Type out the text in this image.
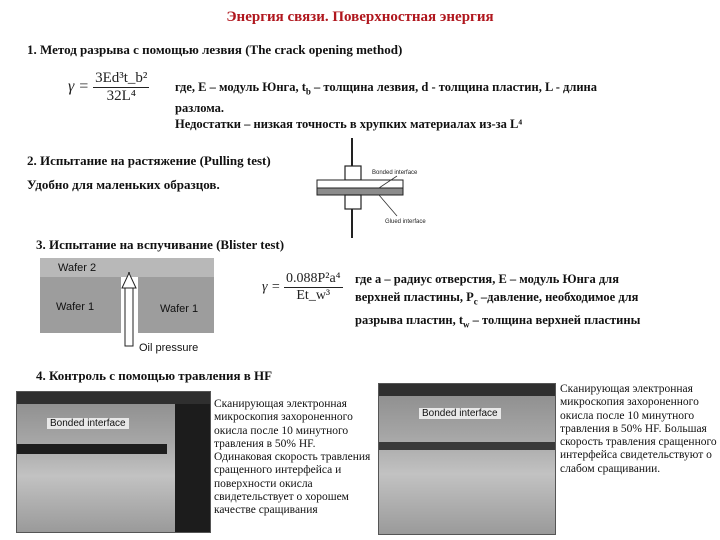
Энергия связи. Поверхностная энергия
1. Метод разрыва с помощью лезвия (The crack opening method)
$\gamma = \frac{\text{3Ed³t\_b²}}{\text{32L⁴}}$ где, E – модуль Юнга, $t_b$ – толщина лезвия, d - толщина пластин, L - длина
разлома.
Недостатки – низкая точность в хрупких материалах из-за L⁴
2. Испытание на растяжение (Pulling test)
Удобно для маленьких образцов.
Bonded interface
Glued interface
3. Испытание на вспучивание (Blister test)
Wafer 2
Wafer 1	Wafer 1
Oil pressure
$\gamma = \frac{\text{0.088P²a⁴}}{\text{Et\_w³}}$ где a – радиус отверстия, E – модуль Юнга для
верхней пластины, $P_c$ –давление, необходимое для
разрыва пластин, $t_w$ – толщина верхней пластины
4. Контроль с помощью травления в HF
Bonded interface
Сканирующая электронная микроскопия захороненного окисла после 10 минутного травления в 50% HF. Одинаковая скорость травления сращенного интерфейса и поверхности окисла свидетельствует о хорошем качестве сращивания
Bonded interface
Сканирующая электронная микроскопия захороненного окисла после 10 минутного травления в 50% HF. Большая скорость травления сращенного интерфейса свидетельствуют о слабом сращивании.
